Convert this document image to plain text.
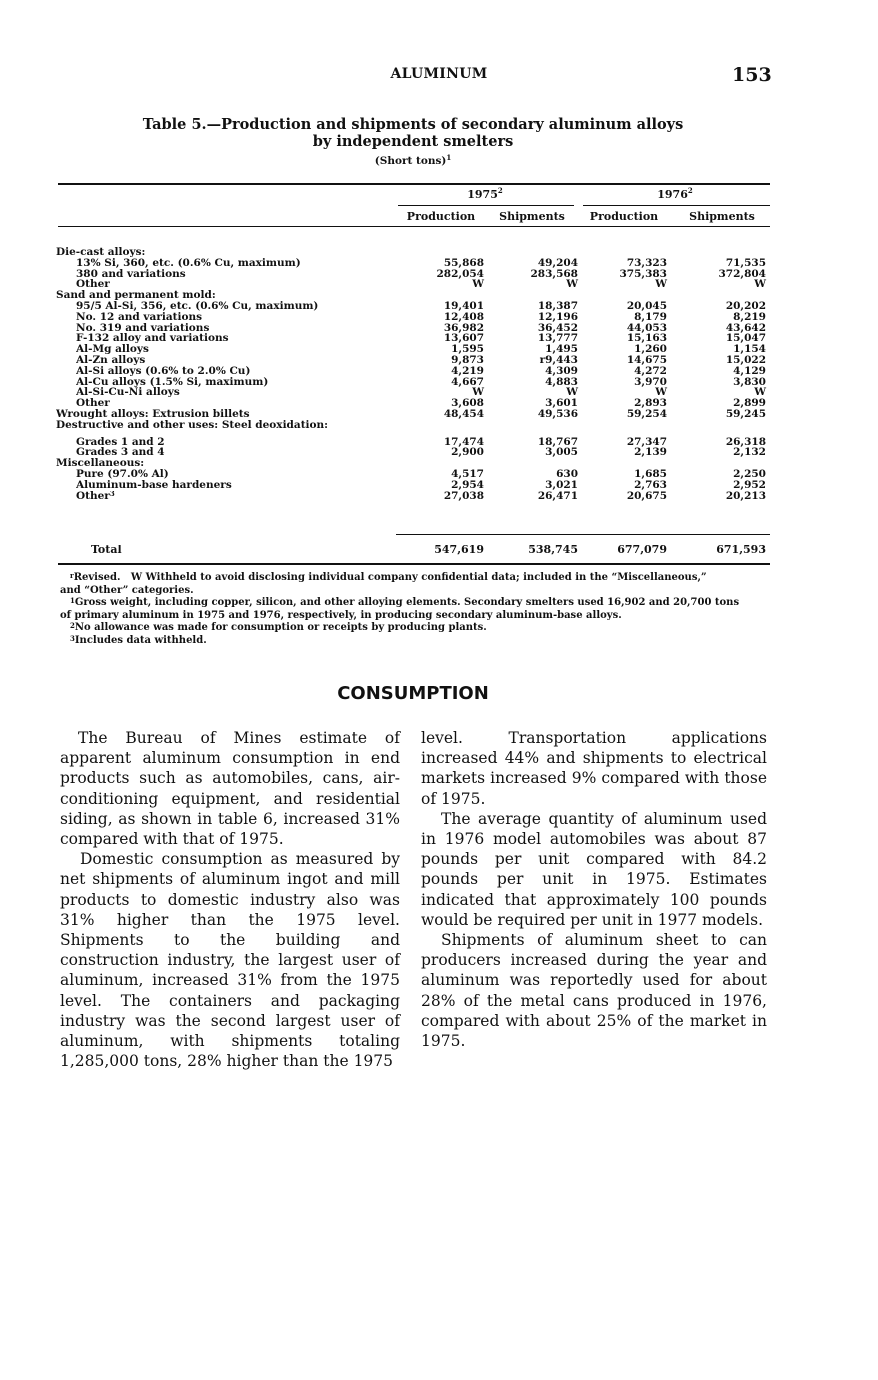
ALUMINUM	153
Table 5.—Production and shipments of secondary aluminum alloys
by independent smelters
(Short tons)$^1$
1975$^2$	1976$^2$
Production	Shipments	Production	Shipments
Die-cast alloys:
13% Si, 360, etc. (0.6% Cu, maximum) _ _ _	55,868	49,204	73,323	71,535
380 and variations _ _ _	282,054	283,568	375,383	372,804
Other _ _ _	W	W	W	W
Sand and permanent mold:
95/5 Al-Si, 356, etc. (0.6% Cu, maximum) _ _ _	19,401	18,387	20,045	20,202
No. 12 and variations _ _ _	12,408	12,196	8,179	8,219
No. 319 and variations _ _ _	36,982	36,452	44,053	43,642
F-132 alloy and variations _ _ _	13,607	13,777	15,163	15,047
Al-Mg alloys _ _ _	1,595	1,495	1,260	1,154
Al-Zn alloys _ _ _	9,873	r9,443	14,675	15,022
Al-Si alloys (0.6% to 2.0% Cu) _ _ _	4,219	4,309	4,272	4,129
Al-Cu alloys (1.5% Si, maximum) _ _ _	4,667	4,883	3,970	3,830
Al-Si-Cu-Ni alloys _ _ _	W	W	W	W
Other _ _ _	3,608	3,601	2,893	2,899
Wrought alloys: Extrusion billets _ _ _	48,454	49,536	59,254	59,245
Destructive and other uses: Steel deoxidation:
Grades 1 and 2 _ _ _	17,474	18,767	27,347	26,318
Grades 3 and 4 _ _ _	2,900	3,005	2,139	2,132
Miscellaneous:
Pure (97.0% Al) _ _ _	4,517	630	1,685	2,250
Aluminum-base hardeners _ _ _	2,954	3,021	2,763	2,952
Other$^3$ _ _ _	27,038	26,471	20,675	20,213
Total _ _ _	547,619	538,745	677,079	671,593

$^r$Revised. W Withheld to avoid disclosing individual company confidential data; included in the “Miscellaneous,”

and “Other” categories.

$^1$Gross weight, including copper, silicon, and other alloying elements. Secondary smelters used 16,902 and 20,700 tons

of primary aluminum in 1975 and 1976, respectively, in producing secondary aluminum-base alloys.

$^2$No allowance was made for consumption or receipts by producing plants.

$^3$Includes data withheld.

CONSUMPTION

The Bureau of Mines estimate of apparent aluminum consumption in end products such as automobiles, cans, air-conditioning equipment, and residential siding, as shown in table 6, increased 31% compared with that of 1975.

Domestic consumption as measured by net shipments of aluminum ingot and mill products to domestic industry also was 31% higher than the 1975 level. Shipments to the building and construction industry, the largest user of aluminum, increased 31% from the 1975 level. The containers and packaging industry was the second largest user of aluminum, with shipments totaling 1,285,000 tons, 28% higher than the 1975

level. Transportation applications increased 44% and shipments to electrical markets increased 9% compared with those of 1975.

The average quantity of aluminum used in 1976 model automobiles was about 87 pounds per unit compared with 84.2 pounds per unit in 1975. Estimates indicated that approximately 100 pounds would be required per unit in 1977 models.

Shipments of aluminum sheet to can producers increased during the year and aluminum was reportedly used for about 28% of the metal cans produced in 1976, compared with about 25% of the market in 1975.
